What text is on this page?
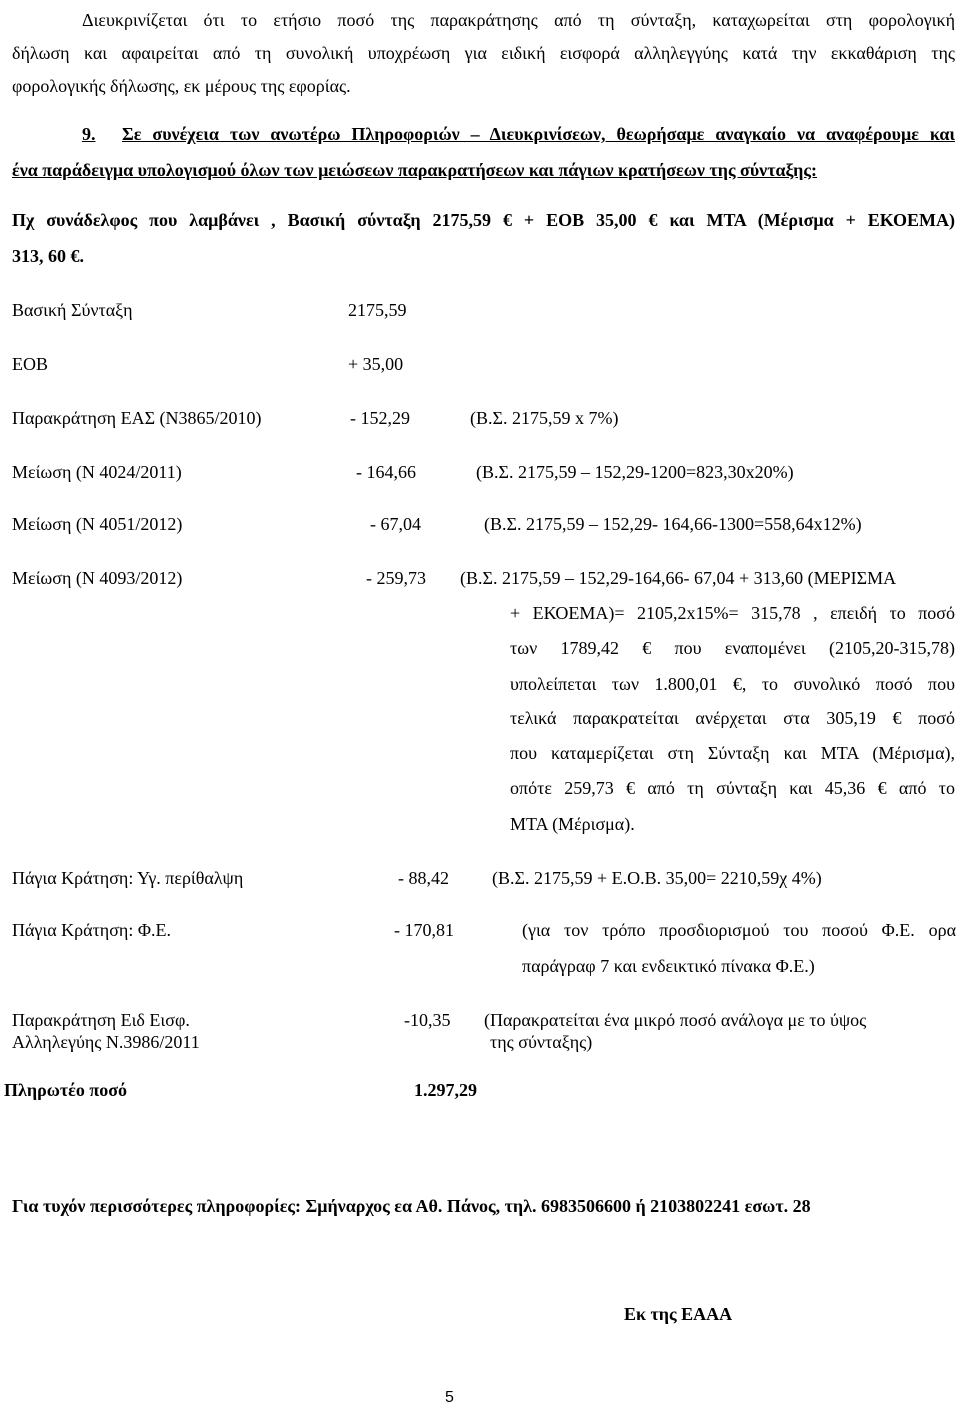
Διευκρινίζεται ότι το ετήσιο ποσό της παρακράτησης από τη σύνταξη, καταχωρείται στη φορολογική
δήλωση και αφαιρείται από τη συνολική υποχρέωση για ειδική εισφορά αλληλεγγύης κατά την εκκαθάριση της
φορολογικής δήλωσης, εκ μέρους της εφορίας.
9. Σε συνέχεια των ανωτέρω Πληροφοριών – Διευκρινίσεων, θεωρήσαμε αναγκαίο να αναφέρουμε και
ένα παράδειγμα υπολογισμού όλων των μειώσεων παρακρατήσεων και πάγιων κρατήσεων της σύνταξης:
Πχ συνάδελφος που λαμβάνει , Βασική σύνταξη 2175,59 € + ΕΟΒ 35,00 € και ΜΤΑ (Μέρισμα + ΕΚΟΕΜΑ)
313, 60 €.
Βασική Σύνταξη	2175,59
ΕΟΒ	+ 35,00
Παρακράτηση ΕΑΣ (Ν3865/2010)	- 152,29	(Β.Σ. 2175,59 x 7%)
Μείωση (Ν 4024/2011)	- 164,66	(Β.Σ. 2175,59 – 152,29-1200=823,30x20%)
Μείωση (Ν 4051/2012)	- 67,04	(Β.Σ. 2175,59 – 152,29- 164,66-1300=558,64x12%)
Μείωση (Ν 4093/2012)	- 259,73 (Β.Σ. 2175,59 – 152,29-164,66- 67,04 + 313,60 (ΜΕΡΙΣΜΑ
+ ΕΚΟΕΜΑ)= 2105,2x15%= 315,78 , επειδή το ποσό
των 1789,42 € που εναπομένει (2105,20-315,78)
υπολείπεται των 1.800,01 €, το συνολικό ποσό που
τελικά παρακρατείται ανέρχεται στα 305,19 € ποσό
που καταμερίζεται στη Σύνταξη και ΜΤΑ (Μέρισμα),
οπότε 259,73 € από τη σύνταξη και 45,36 € από το
ΜΤΑ (Μέρισμα).
Πάγια Κράτηση: Υγ. περίθαλψη	- 88,42 (Β.Σ. 2175,59 + Ε.Ο.Β. 35,00= 2210,59χ 4%)
Πάγια Κράτηση: Φ.Ε.	- 170,81	(για τον τρόπο προσδιορισμού του ποσού Φ.Ε. ορα
παράγραφ 7 και ενδεικτικό πίνακα Φ.Ε.)
Παρακράτηση Ειδ Εισφ.
Αλληλεγύης Ν.3986/2011
-10,35 (Παρακρατείται ένα μικρό ποσό ανάλογα με το ύψος
της σύνταξης)
Πληρωτέο ποσό	1.297,29
Για τυχόν περισσότερες πληροφορίες: Σμήναρχος εα Αθ. Πάνος, τηλ. 6983506600 ή 2103802241 εσωτ. 28
Εκ της ΕΑΑΑ
5
